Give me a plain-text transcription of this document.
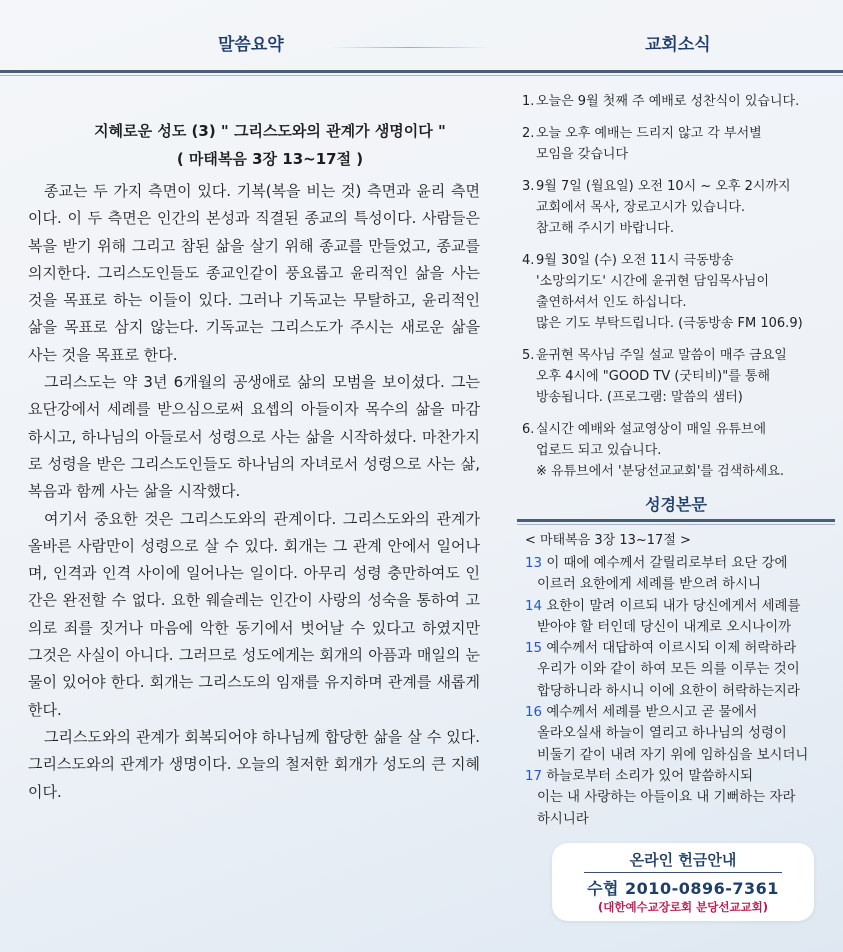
말씀요약	교회소식
지혜로운 성도 (3) " 그리스도와의 관계가 생명이다 "
( 마태복음 3장 13~17절 )

종교는 두 가지 측면이 있다. 기복(복을 비는 것) 측면과 윤리 측면이다. 이 두 측면은 인간의 본성과 직결된 종교의 특성이다. 사람들은 복을 받기 위해 그리고 참된 삶을 살기 위해 종교를 만들었고, 종교를 의지한다. 그리스도인들도 종교인같이 풍요롭고 윤리적인 삶을 사는 것을 목표로 하는 이들이 있다. 그러나 기독교는 무탈하고, 윤리적인 삶을 목표로 삼지 않는다. 기독교는 그리스도가 주시는 새로운 삶을 사는 것을 목표로 한다.

그리스도는 약 3년 6개월의 공생애로 삶의 모범을 보이셨다. 그는 요단강에서 세례를 받으심으로써 요셉의 아들이자 목수의 삶을 마감하시고, 하나님의 아들로서 성령으로 사는 삶을 시작하셨다. 마찬가지로 성령을 받은 그리스도인들도 하나님의 자녀로서 성령으로 사는 삶, 복음과 함께 사는 삶을 시작했다.

여기서 중요한 것은 그리스도와의 관계이다. 그리스도와의 관계가 올바른 사람만이 성령으로 살 수 있다. 회개는 그 관계 안에서 일어나며, 인격과 인격 사이에 일어나는 일이다. 아무리 성령 충만하여도 인간은 완전할 수 없다. 요한 웨슬레는 인간이 사랑의 성숙을 통하여 고의로 죄를 짓거나 마음에 악한 동기에서 벗어날 수 있다고 하였지만 그것은 사실이 아니다. 그러므로 성도에게는 회개의 아픔과 매일의 눈물이 있어야 한다. 회개는 그리스도의 임재를 유지하며 관계를 새롭게 한다.

그리스도와의 관계가 회복되어야 하나님께 합당한 삶을 살 수 있다. 그리스도와의 관계가 생명이다. 오늘의 철저한 회개가 성도의 큰 지혜이다.

1. 오늘은 9월 첫째 주 예배로 성찬식이 있습니다.
2. 오늘 오후 예배는 드리지 않고 각 부서별
모임을 갖습니다
3. 9월 7일 (월요일) 오전 10시 ~ 오후 2시까지
교회에서 목사, 장로고시가 있습니다.
참고해 주시기 바랍니다.
4. 9월 30일 (수) 오전 11시 극동방송
'소망의기도' 시간에 윤귀현 담임목사님이
출연하셔서 인도 하십니다.
많은 기도 부탁드립니다. (극동방송 FM 106.9)
5. 윤귀현 목사님 주일 설교 말씀이 매주 금요일
오후 4시에 "GOOD TV (굿티비)"를 통해
방송됩니다. (프로그램: 말씀의 샘터)
6. 실시간 예배와 설교영상이 매일 유튜브에
업로드 되고 있습니다.
※ 유튜브에서 '분당선교교회'를 검색하세요.
성경본문
< 마태복음 3장 13~17절 >

13 이 때에 예수께서 갈릴리로부터 요단 강에
이르러 요한에게 세례를 받으려 하시니

14 요한이 말려 이르되 내가 당신에게서 세례를
받아야 할 터인데 당신이 내게로 오시나이까

15 예수께서 대답하여 이르시되 이제 허락하라
우리가 이와 같이 하여 모든 의를 이루는 것이
합당하니라 하시니 이에 요한이 허락하는지라

16 예수께서 세례를 받으시고 곧 물에서
올라오실새 하늘이 열리고 하나님의 성령이
비둘기 같이 내려 자기 위에 임하심을 보시더니

17 하늘로부터 소리가 있어 말씀하시되
이는 내 사랑하는 아들이요 내 기뻐하는 자라
하시니라

온라인 헌금안내
수협 2010-0896-7361
(대한예수교장로회 분당선교교회)
